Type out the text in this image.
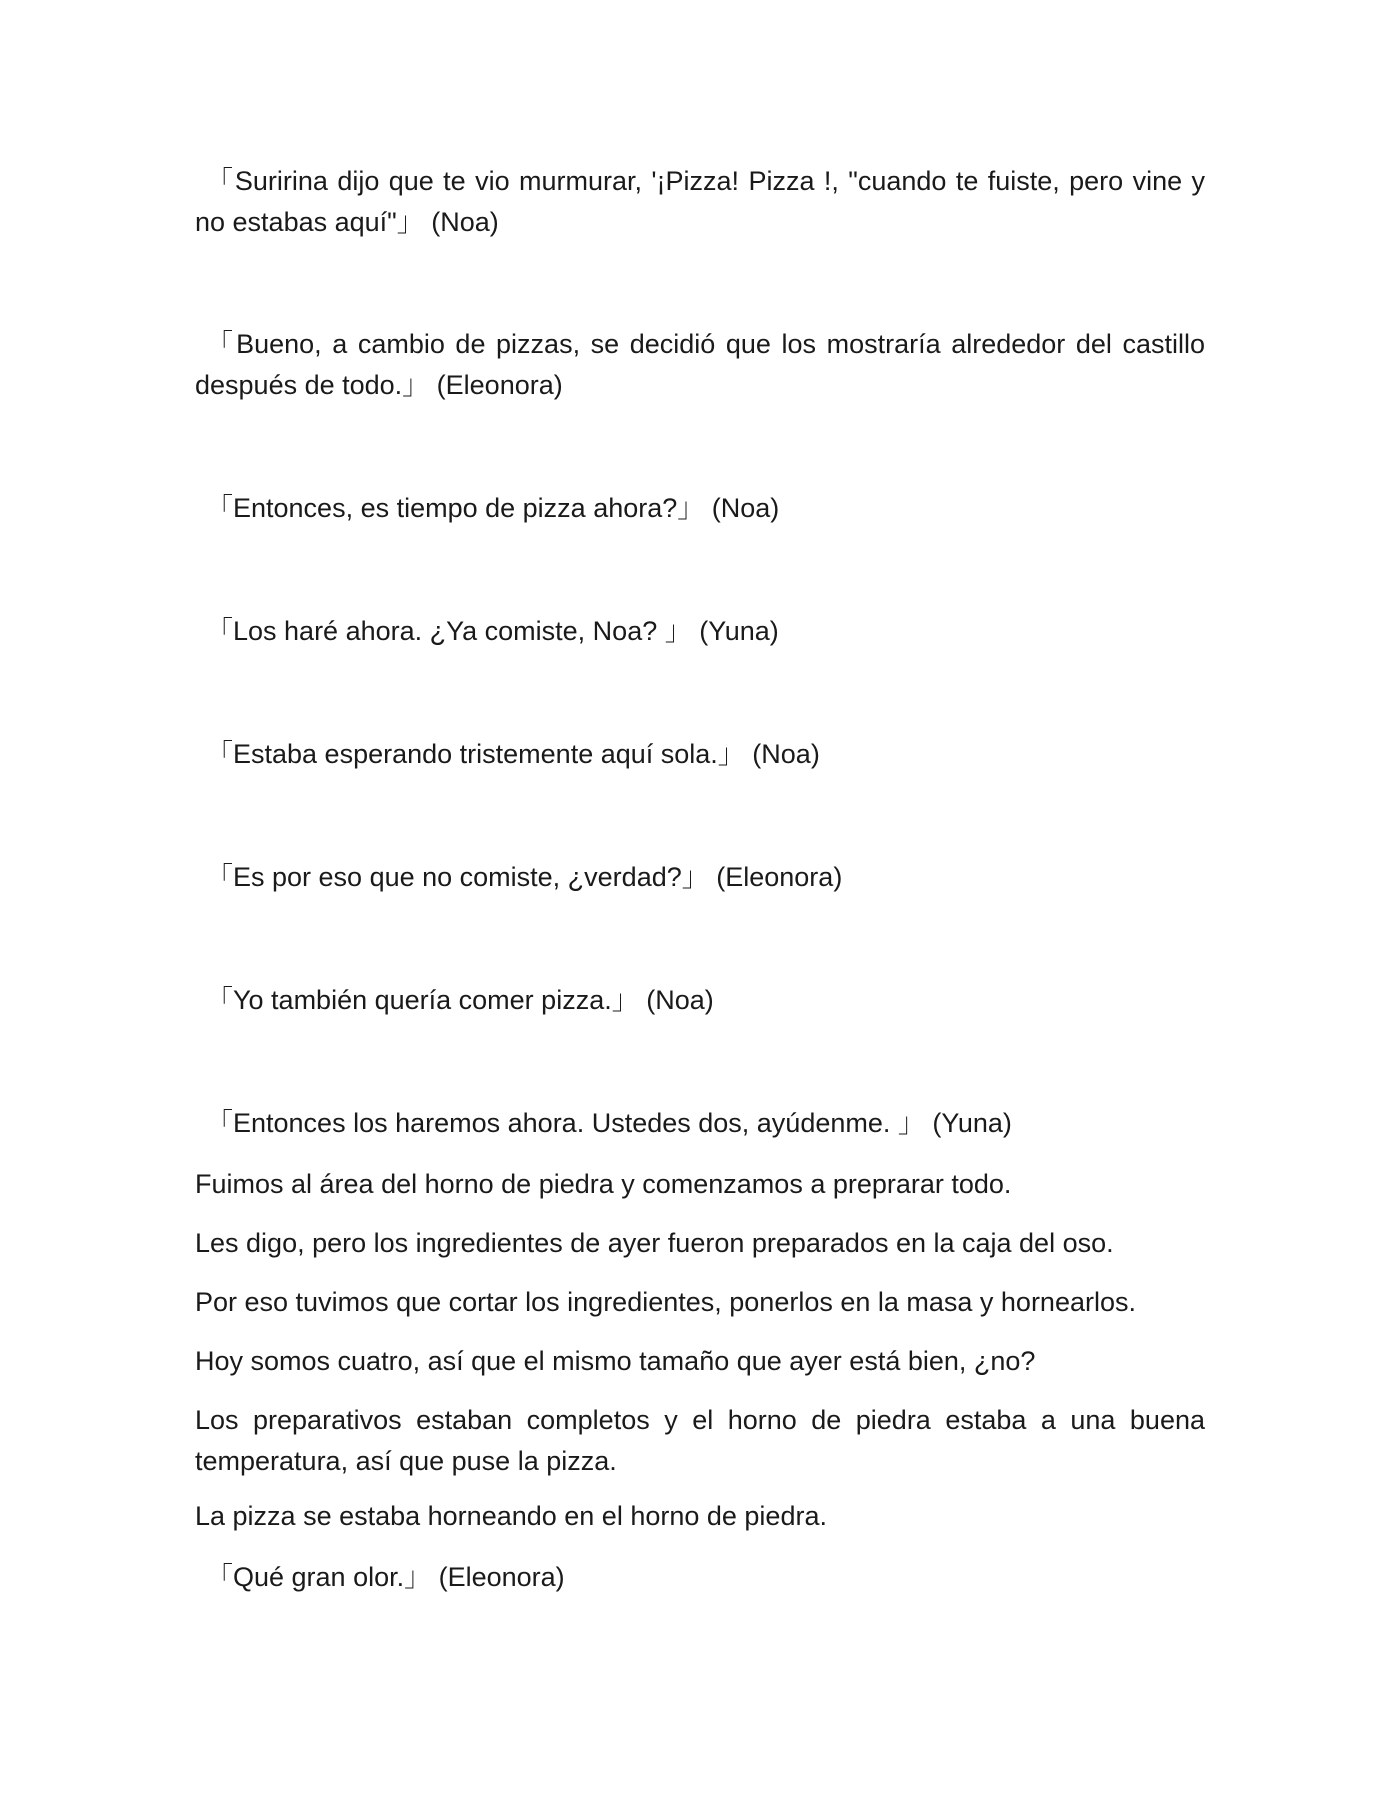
「Suririna dijo que te vio murmurar, '¡Pizza! Pizza !, "cuando te fuiste, pero vine y no estabas aquí"」 (Noa)

「Bueno, a cambio de pizzas, se decidió que los mostraría alrededor del castillo después de todo.」 (Eleonora)

「Entonces, es tiempo de pizza ahora?」 (Noa)

「Los haré ahora. ¿Ya comiste, Noa? 」 (Yuna)

「Estaba esperando tristemente aquí sola.」 (Noa)

「Es por eso que no comiste, ¿verdad?」 (Eleonora)

「Yo también quería comer pizza.」 (Noa)

「Entonces los haremos ahora. Ustedes dos, ayúdenme. 」 (Yuna)

Fuimos al área del horno de piedra y comenzamos a preprarar todo.

Les digo, pero los ingredientes de ayer fueron preparados en la caja del oso.

Por eso tuvimos que cortar los ingredientes, ponerlos en la masa y hornearlos.

Hoy somos cuatro, así que el mismo tamaño que ayer está bien, ¿no?

Los preparativos estaban completos y el horno de piedra estaba a una buena temperatura, así que puse la pizza.

La pizza se estaba horneando en el horno de piedra.

「Qué gran olor.」 (Eleonora)
